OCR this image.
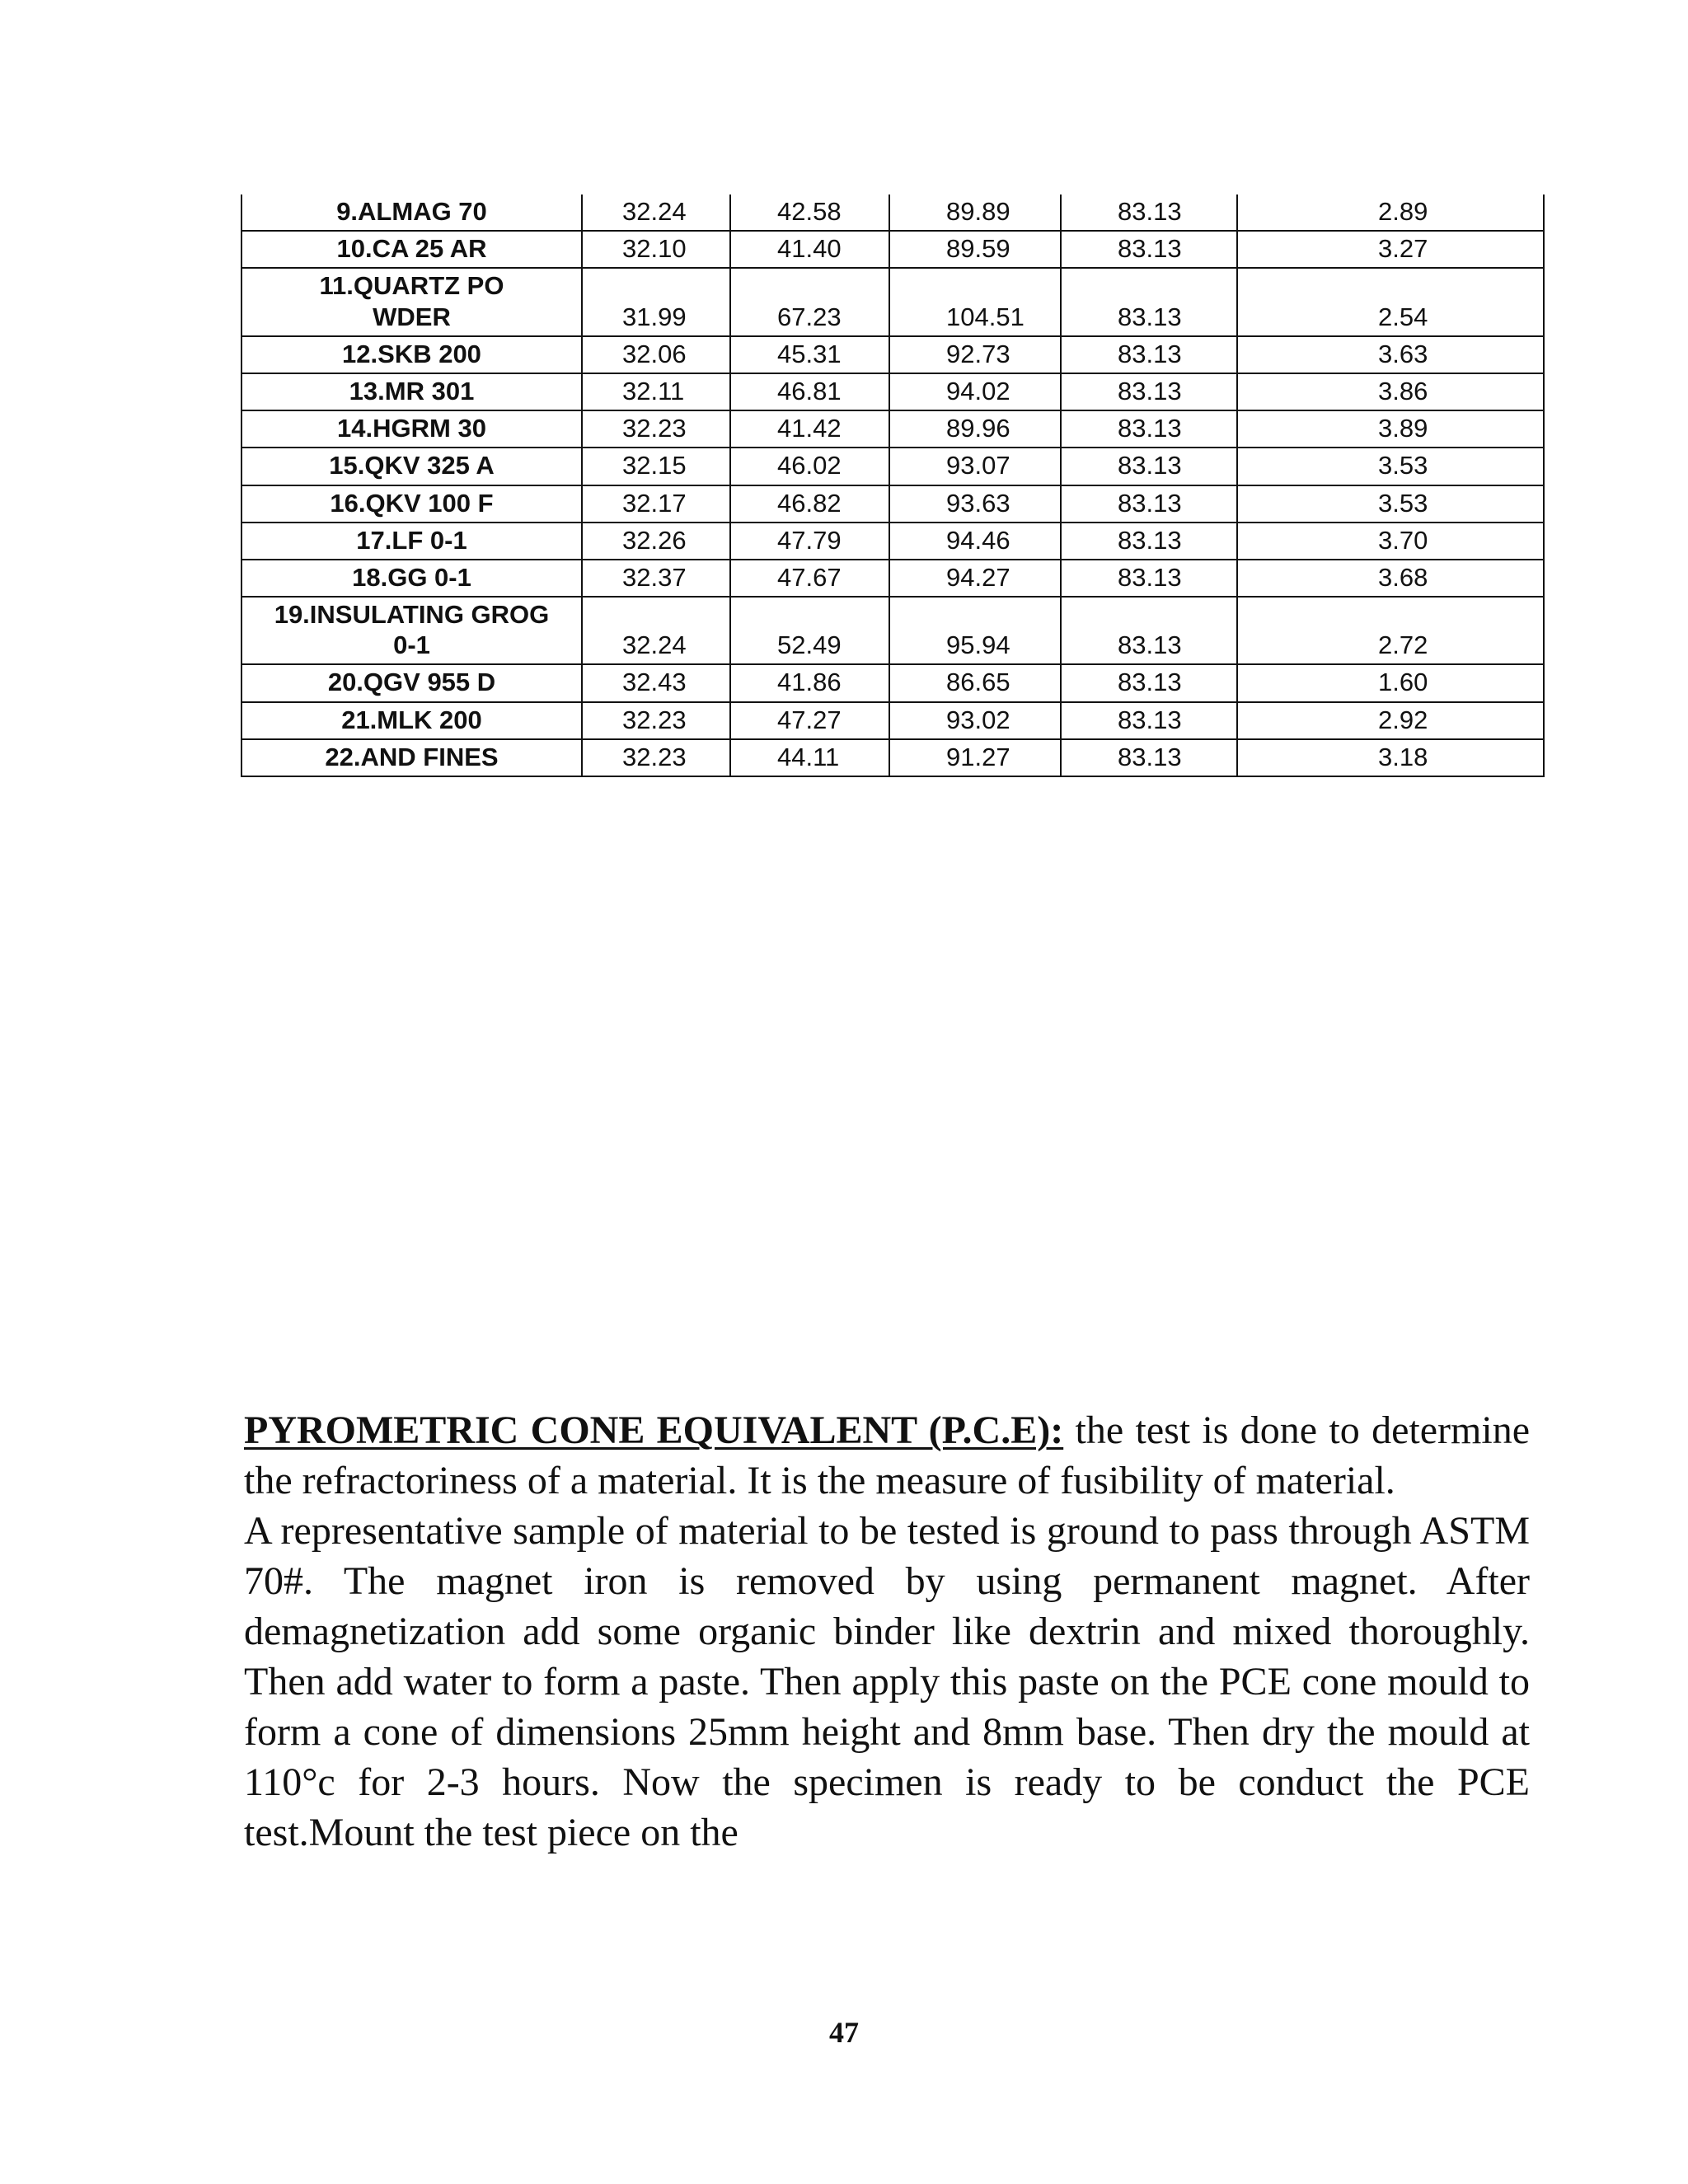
9.ALMAG 70	32.24	42.58	89.89	83.13	2.89

10.CA 25 AR	32.10	41.40	89.59	83.13	3.27

11.QUARTZ PO
WDER	31.99	67.23	104.51	83.13	2.54

12.SKB 200	32.06	45.31	92.73	83.13	3.63

13.MR 301	32.11	46.81	94.02	83.13	3.86

14.HGRM 30	32.23	41.42	89.96	83.13	3.89

15.QKV 325 A	32.15	46.02	93.07	83.13	3.53

16.QKV 100 F	32.17	46.82	93.63	83.13	3.53

17.LF 0-1	32.26	47.79	94.46	83.13	3.70

18.GG 0-1	32.37	47.67	94.27	83.13	3.68

19.INSULATING GROG
0-1	32.24	52.49	95.94	83.13	2.72

20.QGV 955 D	32.43	41.86	86.65	83.13	1.60

21.MLK 200	32.23	47.27	93.02	83.13	2.92

22.AND FINES	32.23	44.11	91.27	83.13	3.18

PYROMETRIC CONE EQUIVALENT (P.C.E): the test is done to determine the refractoriness of a material. It is the measure of fusibility of material.

A representative sample of material to be tested is ground to pass through ASTM 70#. The magnet iron is removed by using permanent magnet. After demagnetization add some organic binder like dextrin and mixed thoroughly. Then add water to form a paste. Then apply this paste on the PCE cone mould to form a cone of dimensions 25mm height and 8mm base. Then dry the mould at 110°c for 2-3 hours. Now the specimen is ready to be conduct the PCE test.Mount the test piece on the

47
